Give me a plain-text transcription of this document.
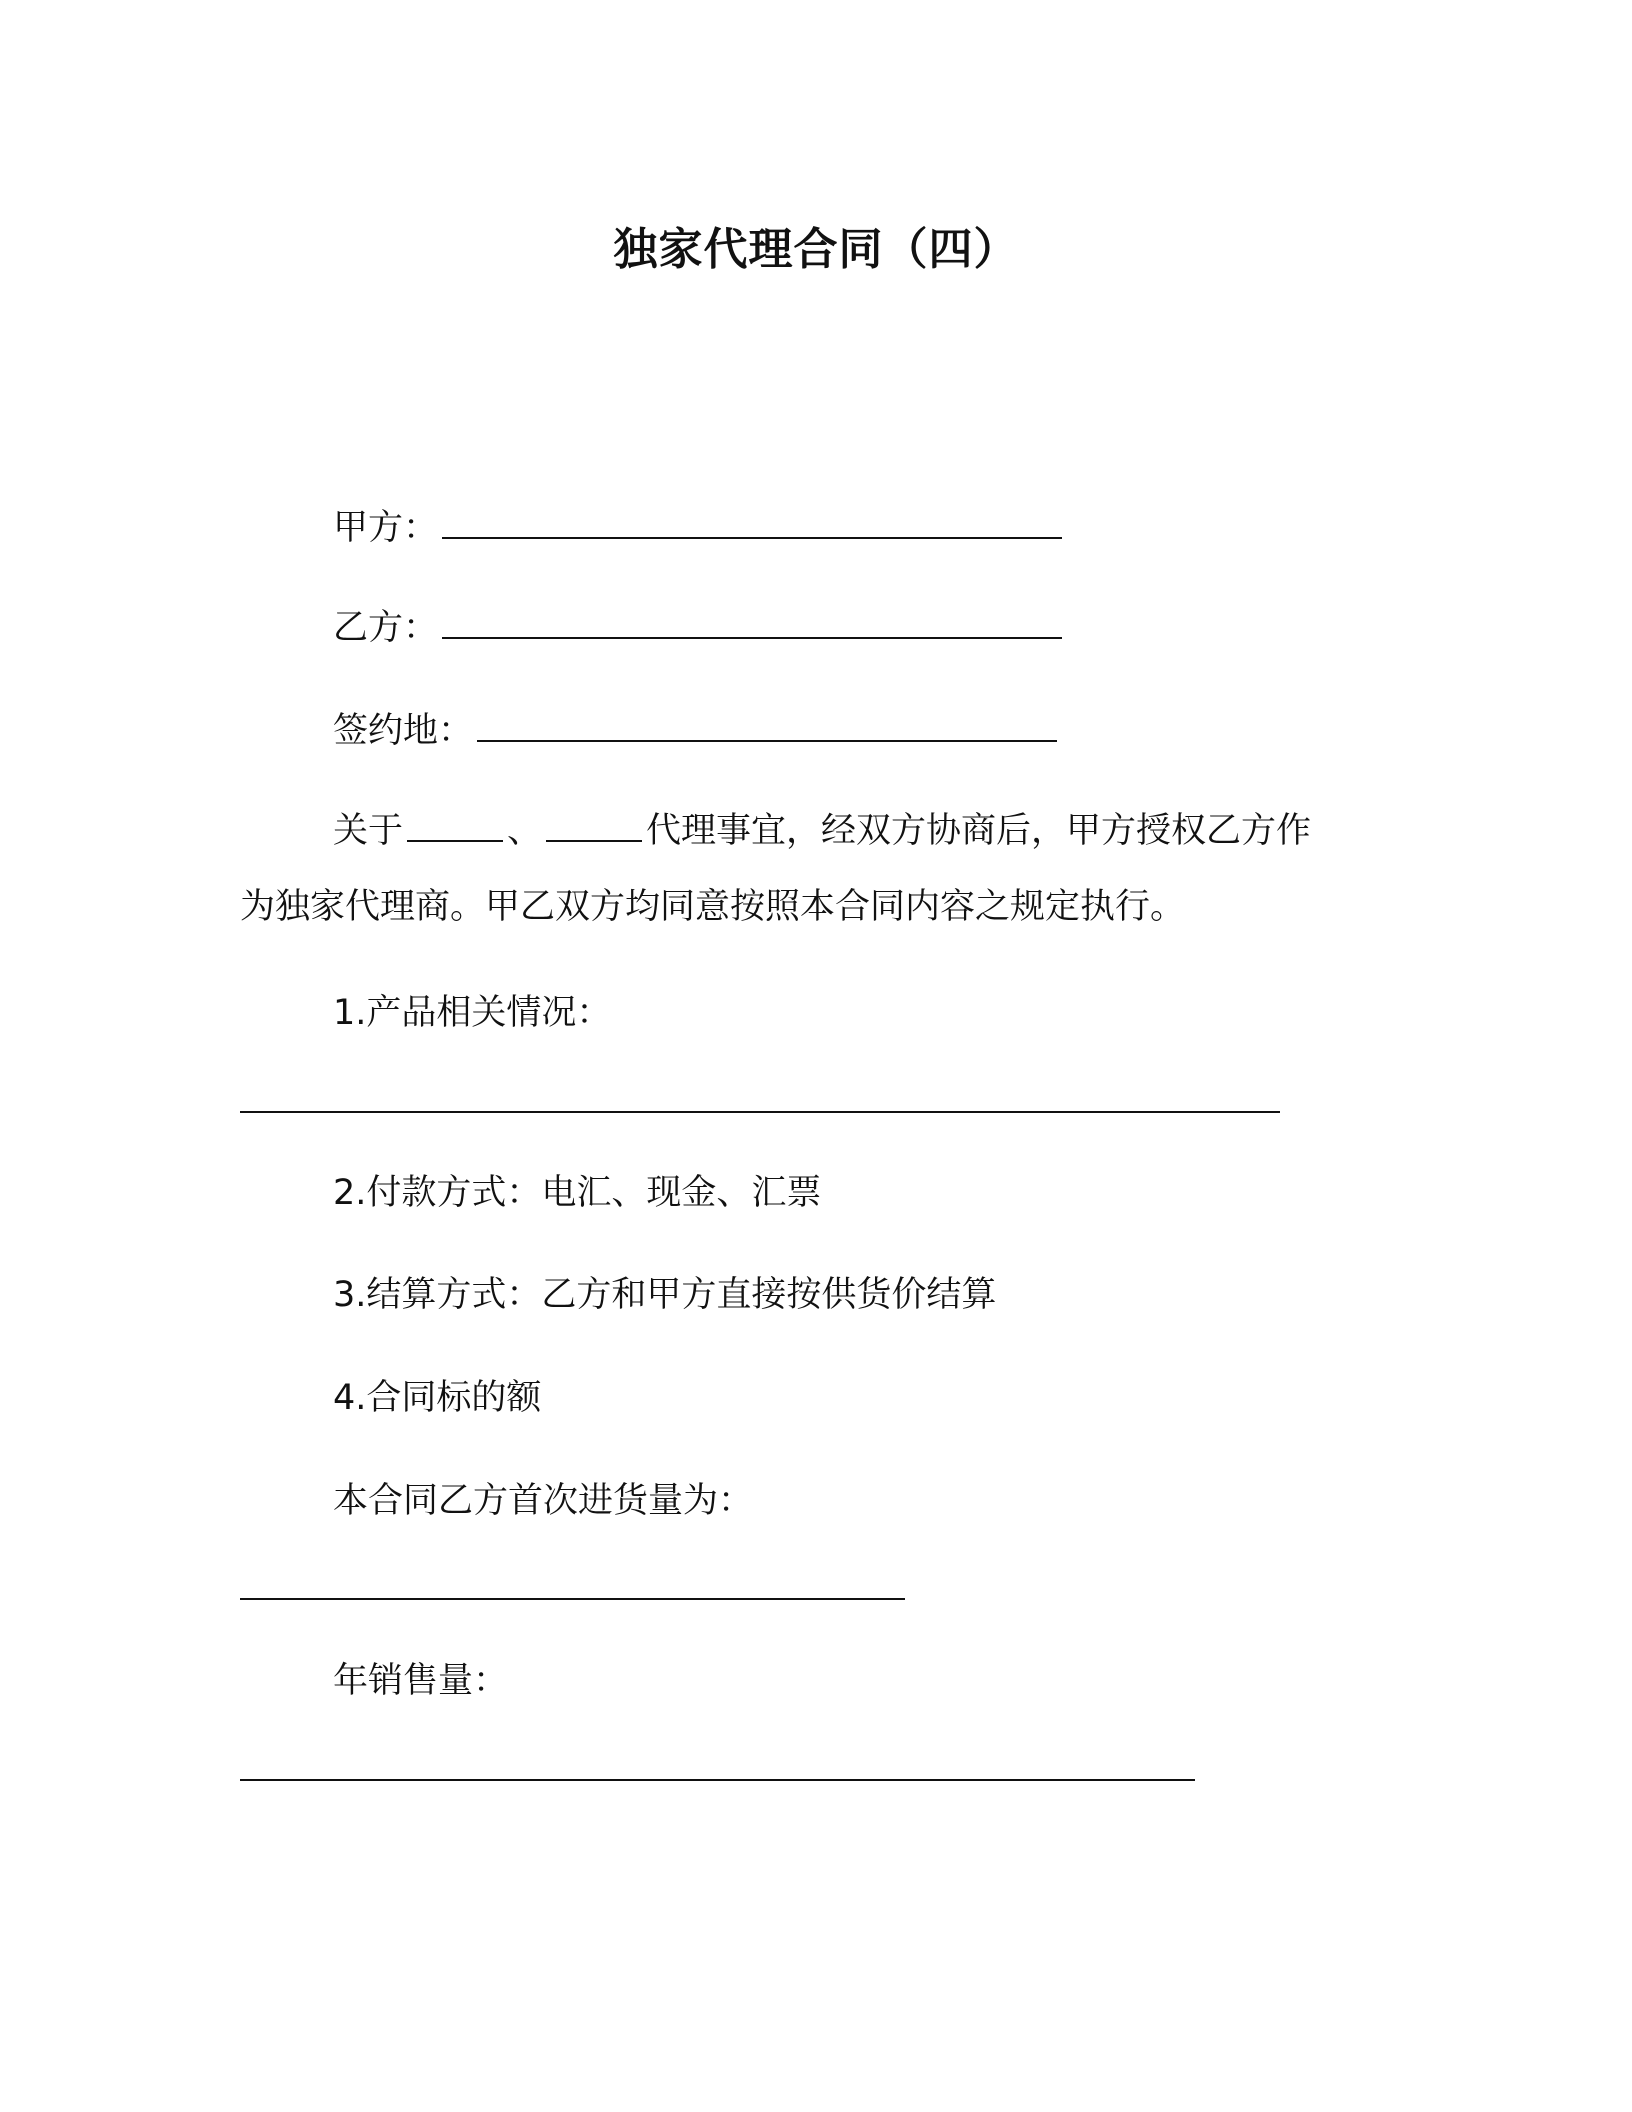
独家代理合同（四）
甲方：
乙方：
签约地：
关于	、	代理事宜，经双方协商后，甲方授权乙方作
为独家代理商。甲乙双方均同意按照本合同内容之规定执行。
1.产品相关情况：
2.付款方式：电汇、现金、汇票
3.结算方式：乙方和甲方直接按供货价结算
4.合同标的额
本合同乙方首次进货量为：
年销售量：
